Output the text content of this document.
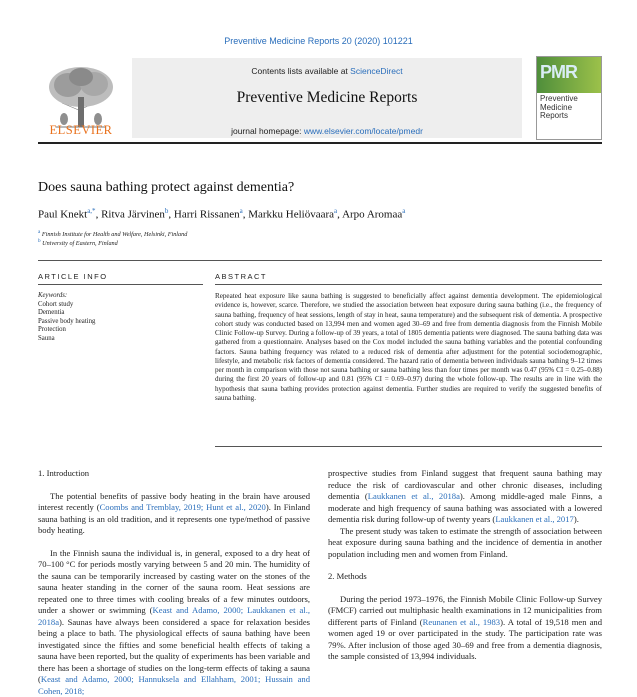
Preventive Medicine Reports 20 (2020) 101221
ELSEVIER
Contents lists available at ScienceDirect
Preventive Medicine Reports
journal homepage: www.elsevier.com/locate/pmedr
PMR
Preventive Medicine Reports
Does sauna bathing protect against dementia?
Paul Knekt$^{a,*}$, Ritva Järvinen$^b$, Harri Rissanen$^a$, Markku Heliövaara$^a$, Arpo Aromaa$^a$
$^a$ Finnish Institute for Health and Welfare, Helsinki, Finland
$^b$ University of Eastern, Finland
ARTICLE INFO
Keywords:
Cohort study
Dementia
Passive body heating
Protection
Sauna
ABSTRACT
Repeated heat exposure like sauna bathing is suggested to beneficially affect against dementia development. The epidemiological evidence is, however, scarce. Therefore, we studied the association between heat exposure during sauna bathing (i.e., the frequency of sauna bathing, frequency of heat sessions, length of stay in heat, sauna temperature) and the subsequent risk of dementia. A prospective cohort study was conducted based on 13,994 men and women aged 30–69 and free from dementia diagnosis from the Finnish Mobile Clinic Follow-up Survey. During a follow-up of 39 years, a total of 1805 dementia patients were diagnosed. The sauna bathing data was gathered from a questionnaire. Analyses based on the Cox model included the sauna bathing variables and the potential confounding factors. Sauna bathing frequency was related to a reduced risk of dementia after adjustment for the potential sociodemographic, lifestyle, and metabolic risk factors of dementia considered. The hazard ratio of dementia between individuals sauna bathing 9–12 times per month in comparison with those not sauna bathing or sauna bathing less than four times per month was 0.47 (95% CI = 0.25–0.88) during the first 20 years of follow-up and 0.81 (95% CI = 0.69–0.97) during the whole follow-up. The results are in line with the hypothesis that sauna bathing provides protection against dementia. Further studies are required to verify the suggested benefits of sauna bathing.
1. Introduction

The potential benefits of passive body heating in the brain have aroused interest recently (Coombs and Tremblay, 2019; Hunt et al., 2020). In Finland sauna bathing is an old tradition, and it represents one type/method of passive body heating.

In the Finnish sauna the individual is, in general, exposed to a dry heat of 70–100 °C for periods mostly varying between 5 and 20 min. The humidity of the sauna can be temporarily increased by casting water on the stones of the sauna heater standing in the corner of the sauna room. Heat sessions are repeated one to three times with cooling breaks of a few minutes outdoors, under a shower or swimming (Keast and Adamo, 2000; Laukkanen et al., 2018a). Saunas have always been considered a space for relaxation besides being a place to bath. The physiological effects of sauna bathing have been investigated since the fifties and some beneficial health effects of taking a sauna have been reported, but the quality of experiments has been variable and there has been a shortage of studies on the long-term effects of taking a sauna (Keast and Adamo, 2000; Hannuksela and Ellahham, 2001; Hussain and Cohen, 2018;

prospective studies from Finland suggest that frequent sauna bathing may reduce the risk of cardiovascular and other chronic diseases, including dementia (Laukkanen et al., 2018a). Among middle-aged male Finns, a moderate and high frequency of sauna bathing was associated with a lowered dementia risk during follow-up of twenty years (Laukkanen et al., 2017).

The present study was taken to estimate the strength of association between heat exposure during sauna bathing and the incidence of dementia in another population including men and women from Finland.

2. Methods

During the period 1973–1976, the Finnish Mobile Clinic Follow-up Survey (FMCF) carried out multiphasic health examinations in 12 municipalities from different parts of Finland (Reunanen et al., 1983). A total of 19,518 men and women aged 19 or over participated in the study. The participation rate was 79%. After inclusion of those aged 30–69 and free from a dementia diagnosis, the sample consisted of 13,994 individuals.
